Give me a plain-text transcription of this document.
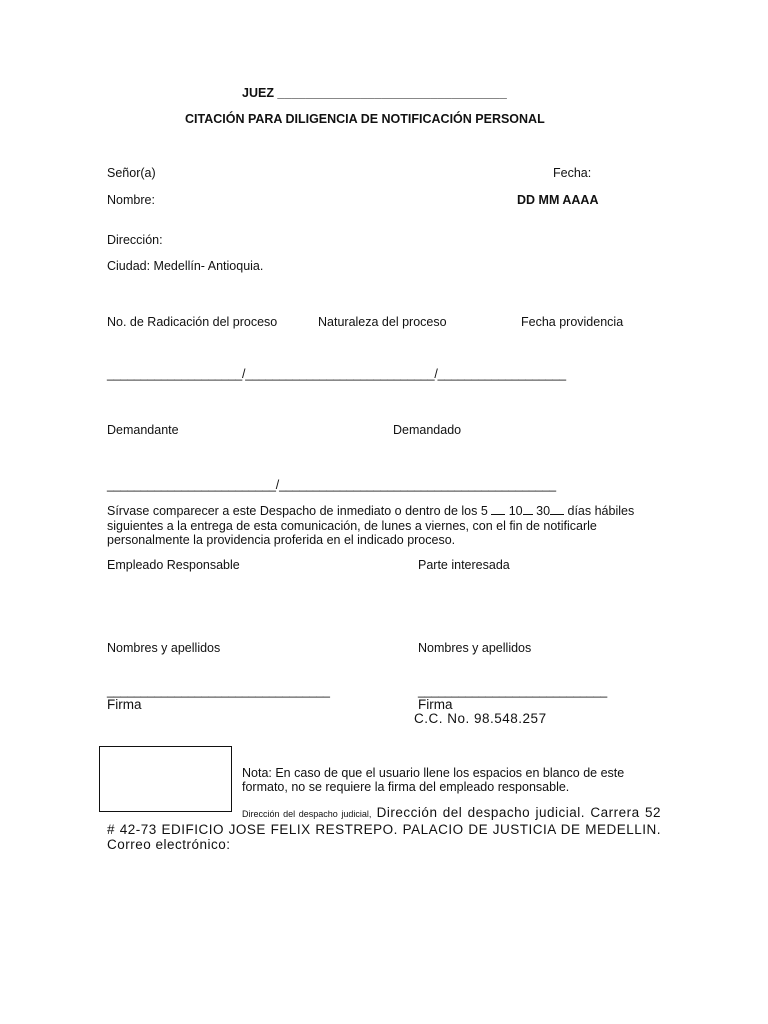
JUEZ _________________________________
CITACIÓN PARA DILIGENCIA DE NOTIFICACIÓN PERSONAL
Señor(a)	Fecha:
Nombre:	DD MM AAAA
Dirección:
Ciudad: Medellín- Antioquia.
No. de Radicación del proceso	Naturaleza del proceso	Fecha providencia
____________________/____________________________/___________________
Demandante	Demandado
_________________________/_________________________________________
Sírvase comparecer a este Despacho de inmediato o dentro de los 5  10 30 días hábiles siguientes a la entrega de esta comunicación, de lunes a viernes, con el fin de notificarle personalmente la providencia proferida en el indicado proceso.
Empleado Responsable	Parte interesada
Nombres y apellidos	Nombres y apellidos
_________________________________	____________________________
Firma	Firma
C.C. No. 98.548.257
Nota: En caso de que el usuario llene los espacios en blanco de este formato, no se requiere la firma del empleado responsable.
Dirección del despacho judicial, Dirección del despacho judicial. Carrera 52 # 42-73 EDIFICIO JOSE FELIX RESTREPO. PALACIO DE JUSTICIA DE MEDELLIN. Correo electrónico:
